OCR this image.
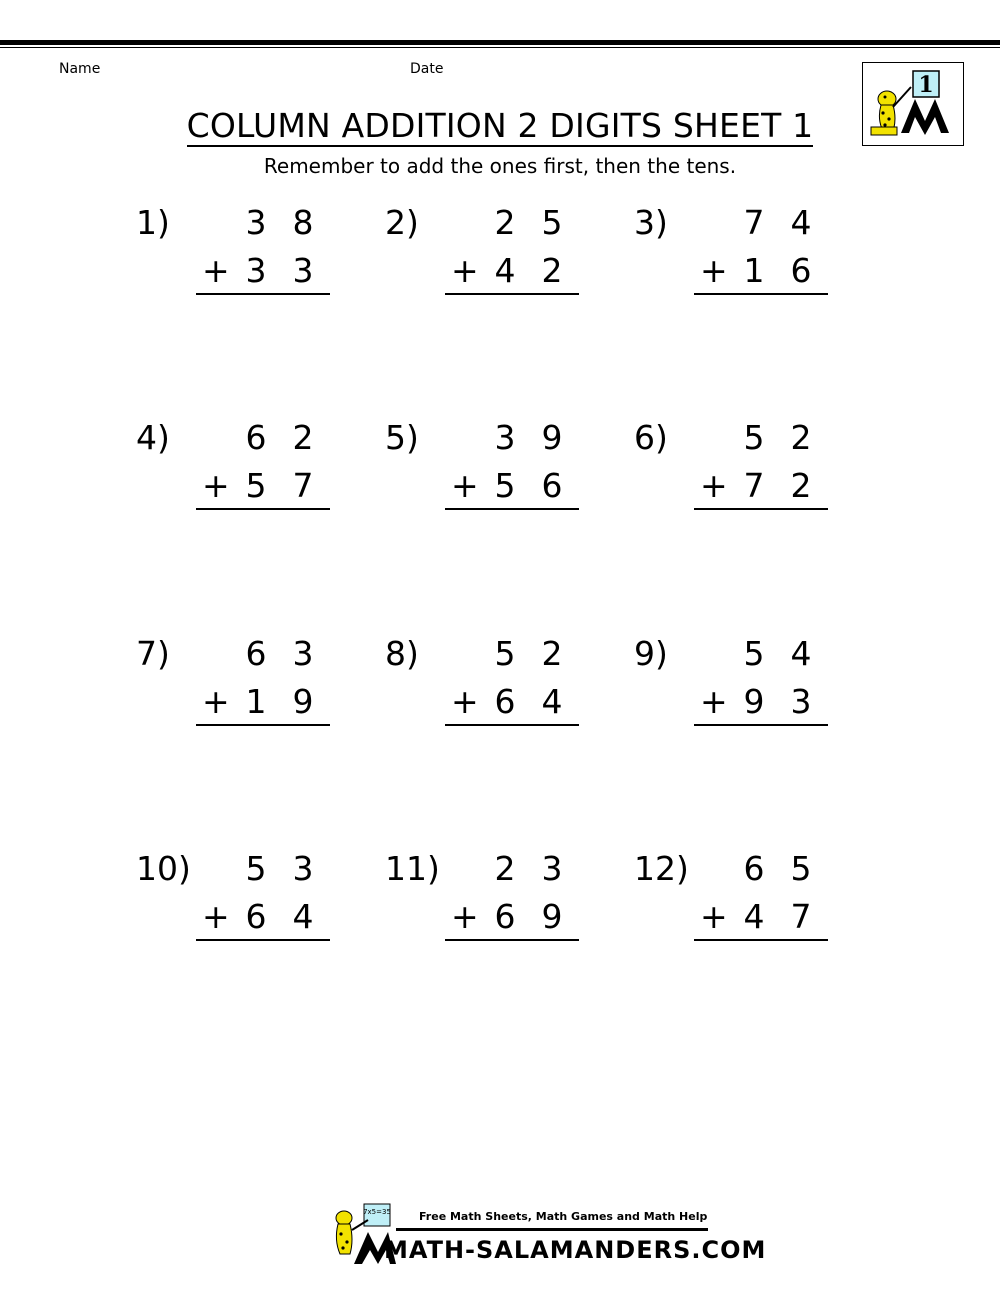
Name	Date
COLUMN ADDITION 2 DIGITS SHEET 1
Remember to add the ones first, then the tens.
1
1) 3 8
+ 3 3
2) 2 5
+ 4 2
3) 7 4
+ 1 6
4) 6 2
+ 5 7
5) 3 9
+ 5 6
6) 5 2
+ 7 2
7) 6 3
+ 1 9
8) 5 2
+ 6 4
9) 5 4
+ 9 3
10) 5 3
+ 6 4
11) 2 3
+ 6 9
12) 6 5
+ 4 7
7x5=35	Free Math Sheets, Math Games and Math Help
MATH-SALAMANDERS.COM
